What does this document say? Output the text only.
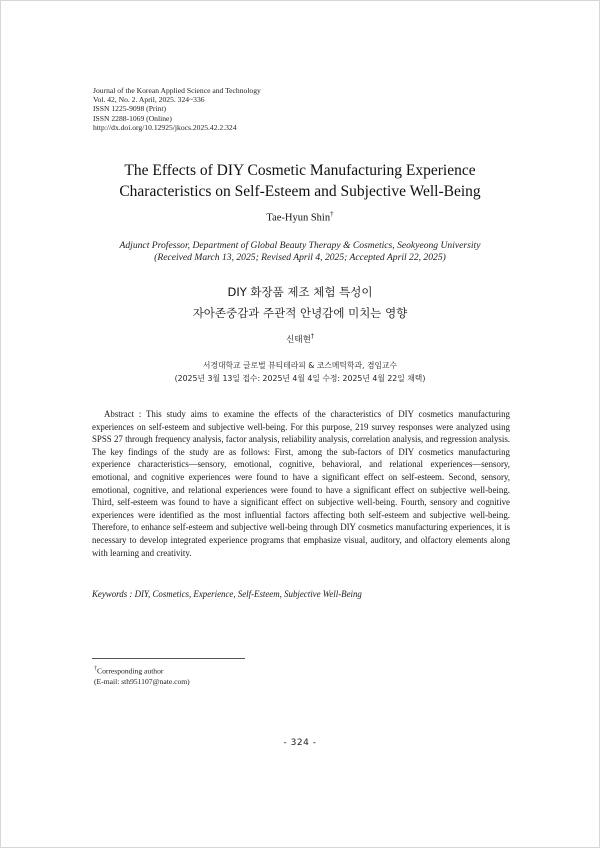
Journal of the Korean Applied Science and Technology
Vol. 42, No. 2. April, 2025. 324~336
ISSN 1225-9098 (Print)
ISSN 2288-1069 (Online)
http://dx.doi.org/10.12925/jkocs.2025.42.2.324
The Effects of DIY Cosmetic Manufacturing Experience
Characteristics on Self-Esteem and Subjective Well-Being
Tae-Hyun Shin†
Adjunct Professor, Department of Global Beauty Therapy & Cosmetics, Seokyeong University
(Received March 13, 2025; Revised April 4, 2025; Accepted April 22, 2025)
DIY 화장품 제조 체험 특성이
자아존중감과 주관적 안녕감에 미치는 영향
신태현†
서경대학교 글로벌 뷰티테라피 & 코스메틱학과, 겸임교수
(2025년 3월 13일 접수: 2025년 4월 4일 수정: 2025년 4월 22일 채택)

Abstract : This study aims to examine the effects of the characteristics of DIY cosmetics manufacturing experiences on self-esteem and subjective well-being. For this purpose, 219 survey responses were analyzed using SPSS 27 through frequency analysis, factor analysis, reliability analysis, correlation analysis, and regression analysis. The key findings of the study are as follows: First, among the sub-factors of DIY cosmetics manufacturing experience characteristics—sensory, emotional, cognitive, behavioral, and relational experiences—sensory, emotional, and cognitive experiences were found to have a significant effect on self-esteem. Second, sensory, emotional, cognitive, and relational experiences were found to have a significant effect on subjective well-being. Third, self-esteem was found to have a significant effect on subjective well-being. Fourth, sensory and cognitive experiences were identified as the most influential factors affecting both self-esteem and subjective well-being. Therefore, to enhance self-esteem and subjective well-being through DIY cosmetics manufacturing experiences, it is necessary to develop integrated experience programs that emphasize visual, auditory, and olfactory elements along with learning and creativity.

Keywords : DIY, Cosmetics, Experience, Self-Esteem, Subjective Well-Being
†Corresponding author
(E-mail: sth951107@nate.com)
- 324 -
